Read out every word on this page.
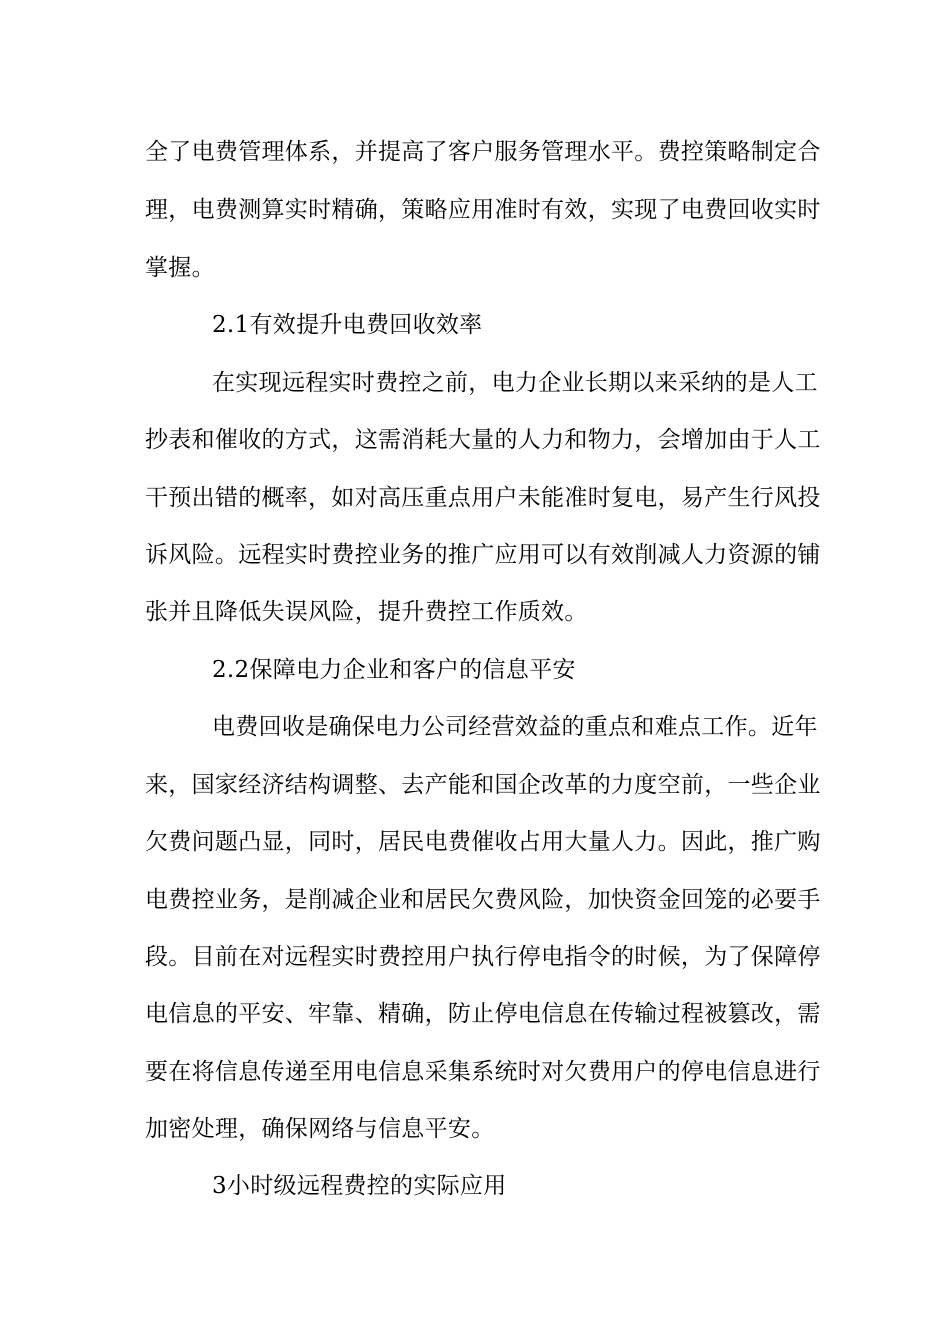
全了电费管理体系，并提高了客户服务管理水平。费控策略制定合
理，电费测算实时精确，策略应用准时有效，实现了电费回收实时
掌握。
2.1有效提升电费回收效率
在实现远程实时费控之前，电力企业长期以来采纳的是人工
抄表和催收的方式，这需消耗大量的人力和物力，会增加由于人工
干预出错的概率，如对高压重点用户未能准时复电，易产生行风投
诉风险。远程实时费控业务的推广应用可以有效削减人力资源的铺
张并且降低失误风险，提升费控工作质效。
2.2保障电力企业和客户的信息平安
电费回收是确保电力公司经营效益的重点和难点工作。近年
来，国家经济结构调整、去产能和国企改革的力度空前，一些企业
欠费问题凸显，同时，居民电费催收占用大量人力。因此，推广购
电费控业务，是削减企业和居民欠费风险，加快资金回笼的必要手
段。目前在对远程实时费控用户执行停电指令的时候，为了保障停
电信息的平安、牢靠、精确，防止停电信息在传输过程被篡改，需
要在将信息传递至用电信息采集系统时对欠费用户的停电信息进行
加密处理，确保网络与信息平安。
3小时级远程费控的实际应用
